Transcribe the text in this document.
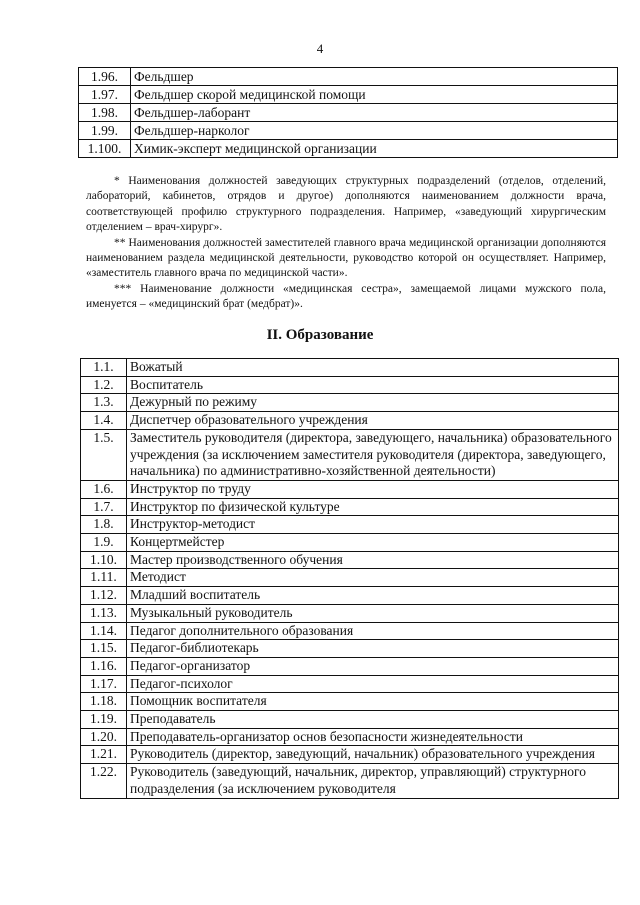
4
1.96.	Фельдшер
1.97.	Фельдшер скорой медицинской помощи
1.98.	Фельдшер-лаборант
1.99.	Фельдшер-нарколог
1.100.	Химик-эксперт медицинской организации

* Наименования должностей заведующих структурных подразделений (отделов, отделений, лабораторий, кабинетов, отрядов и другое) дополняются наименованием должности врача, соответствующей профилю структурного подразделения. Например, «заведующий хирургическим отделением – врач-хирург».

** Наименования должностей заместителей главного врача медицинской организации дополняются наименованием раздела медицинской деятельности, руководство которой он осуществляет. Например, «заместитель главного врача по медицинской части».

*** Наименование должности «медицинская сестра», замещаемой лицами мужского пола, именуется – «медицинский брат (медбрат)».

II. Образование
1.1.	Вожатый
1.2.	Воспитатель
1.3.	Дежурный по режиму
1.4.	Диспетчер образовательного учреждения
1.5.	Заместитель руководителя (директора, заведующего, начальника) образовательного учреждения (за исключением заместителя руководителя (директора, заведующего, начальника) по административно-хозяйственной деятельности)
1.6.	Инструктор по труду
1.7.	Инструктор по физической культуре
1.8.	Инструктор-методист
1.9.	Концертмейстер
1.10.	Мастер производственного обучения
1.11.	Методист
1.12.	Младший воспитатель
1.13.	Музыкальный руководитель
1.14.	Педагог дополнительного образования
1.15.	Педагог-библиотекарь
1.16.	Педагог-организатор
1.17.	Педагог-психолог
1.18.	Помощник воспитателя
1.19.	Преподаватель
1.20.	Преподаватель-организатор основ безопасности жизнедеятельности
1.21.	Руководитель (директор, заведующий, начальник) образовательного учреждения
1.22.	Руководитель (заведующий, начальник, директор, управляющий) структурного подразделения (за исключением руководителя
